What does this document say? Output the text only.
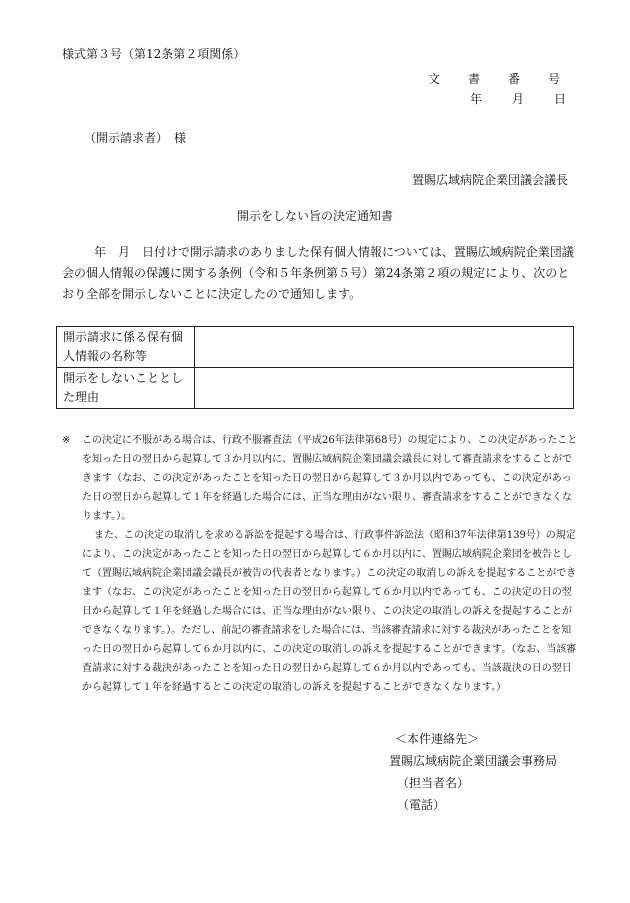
様式第３号（第12条第２項関係）
文　書　番　号
年　　月　　日
（開示請求者）　様
置賜広域病院企業団議会議長
開示をしない旨の決定通知書
年　月　日付けで開示請求のありました保有個人情報については、置賜広域病院企業団議会の個人情報の保護に関する条例（令和５年条例第５号）第24条第２項の規定により、次のとおり全部を開示しないことに決定したので通知します。
開示請求に係る保有個人情報の名称等	
開示をしないこととした理由	

※ この決定に不服がある場合は、行政不服審査法（平成26年法律第68号）の規定により、この決定があったことを知った日の翌日から起算して３か月以内に、置賜広域病院企業団議会議長に対して審査請求をすることができます（なお、この決定があったことを知った日の翌日から起算して３か月以内であっても、この決定があった日の翌日から起算して１年を経過した場合には、正当な理由がない限り、審査請求をすることができなくなります。）。

また、この決定の取消しを求める訴訟を提起する場合は、行政事件訴訟法（昭和37年法律第139号）の規定により、この決定があったことを知った日の翌日から起算して６か月以内に、置賜広域病院企業団を被告として（置賜広域病院企業団議会議長が被告の代表者となります。）この決定の取消しの訴えを提起することができます（なお、この決定があったことを知った日の翌日から起算して６か月以内であっても、この決定の日の翌日から起算して１年を経過した場合には、正当な理由がない限り、この決定の取消しの訴えを提起することができなくなります。）。ただし、前記の審査請求をした場合には、当該審査請求に対する裁決があったことを知った日の翌日から起算して６か月以内に、この決定の取消しの訴えを提起することができます。（なお、当該審査請求に対する裁決があったことを知った日の翌日から起算して６か月以内であっても、当該裁決の日の翌日から起算して１年を経過するとこの決定の取消しの訴えを提起することができなくなります。）

＜本件連絡先＞
置賜広域病院企業団議会事務局
（担当者名）
（電話）
